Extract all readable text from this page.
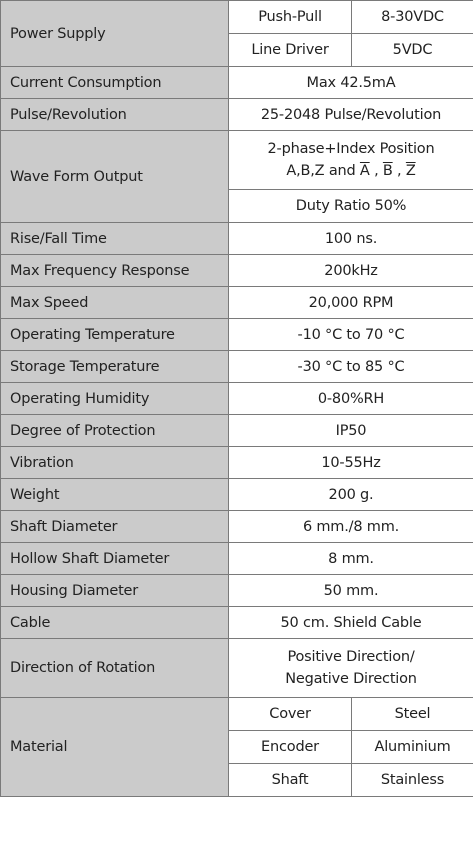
Power Supply	Push-Pull	8-30VDC
	Line Driver	5VDC
Current Consumption	Max 42.5mA	
Pulse/Revolution	25-2048 Pulse/Revolution	
Wave Form Output	2-phase+Index Position
A,B,Z and $\overline{A}$ , $\overline{B}$ , $\overline{Z}$

	Duty Ratio 50%	
Rise/Fall Time	100 ns.	
Max Frequency Response	200kHz	
Max Speed	20,000 RPM	
Operating Temperature	-10 °C to 70 °C	
Storage Temperature	-30 °C to 85 °C	
Operating Humidity	0-80%RH	
Degree of Protection	IP50	
Vibration	10-55Hz	
Weight	200 g.	
Shaft Diameter	6 mm./8 mm.	
Hollow Shaft Diameter	8 mm.	
Housing Diameter	50 mm.	
Cable	50 cm. Shield Cable	
Direction of Rotation	Positive Direction/
Negative Direction	

Material	Cover	Steel
	Encoder	Aluminium
	Shaft	Stainless
